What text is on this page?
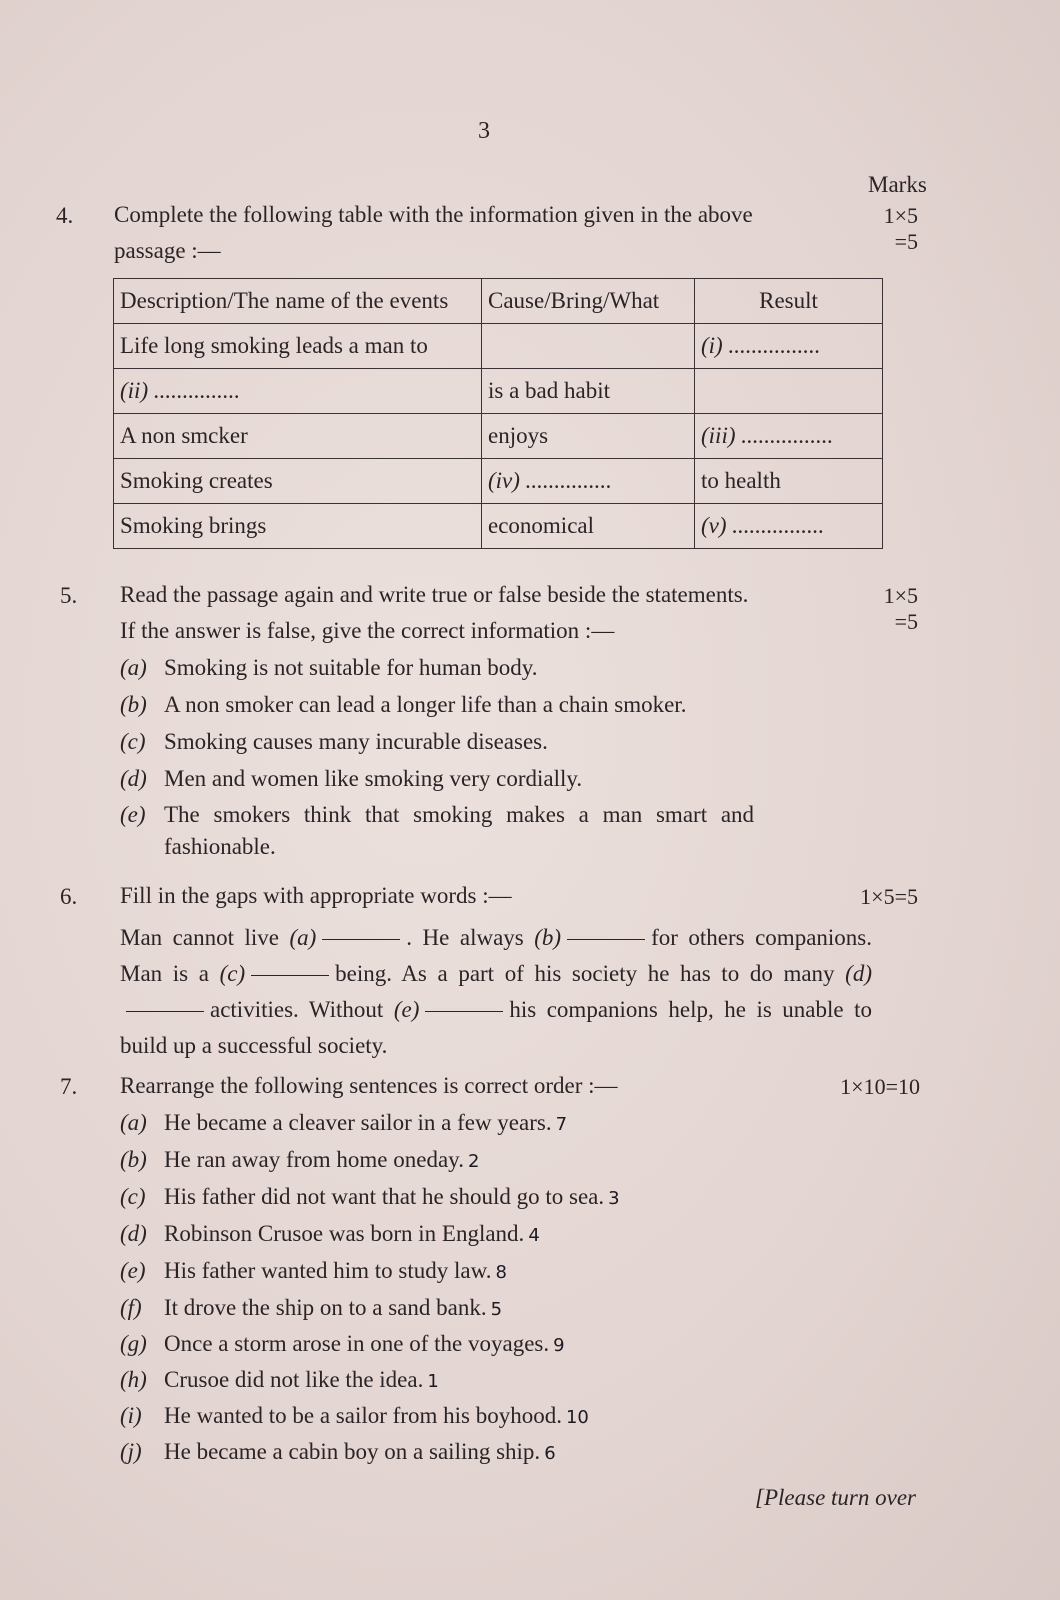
3
Marks
4. Complete the following table with the information given in the above
passage :—
1×5
=5
Description/The name of the events	Cause/Bring/What	Result
Life long smoking leads a man to		(i) ................
(ii) ...............	is a bad habit	
A non smcker	enjoys	(iii) ................
Smoking creates	(iv) ...............	to health
Smoking brings	economical	(v) ................
5. Read the passage again and write true or false beside the statements.
If the answer is false, give the correct information :—
1×5
=5
(a) Smoking is not suitable for human body.
(b) A non smoker can lead a longer life than a chain smoker.
(c) Smoking causes many incurable diseases.
(d) Men and women like smoking very cordially.
(e) The smokers think that smoking makes a man smart and
fashionable.
6. Fill in the gaps with appropriate words :—	1×5=5
Man cannot live (a)	. He always (b)	for others companions. Man is a (c)	being. As a part of his society he has to do many (d)activities. Without (e)	his companions help, he is unable to build up a successful society.
7. Rearrange the following sentences is correct order :—	1×10=10
(a) He became a cleaver sailor in a few years. 7
(b) He ran away from home oneday. 2
(c) His father did not want that he should go to sea. 3
(d) Robinson Crusoe was born in England. 4
(e) His father wanted him to study law. 8
(f) It drove the ship on to a sand bank. 5
(g) Once a storm arose in one of the voyages. 9
(h) Crusoe did not like the idea. 1
(i) He wanted to be a sailor from his boyhood. 10
(j) He became a cabin boy on a sailing ship. 6
[Please turn over
